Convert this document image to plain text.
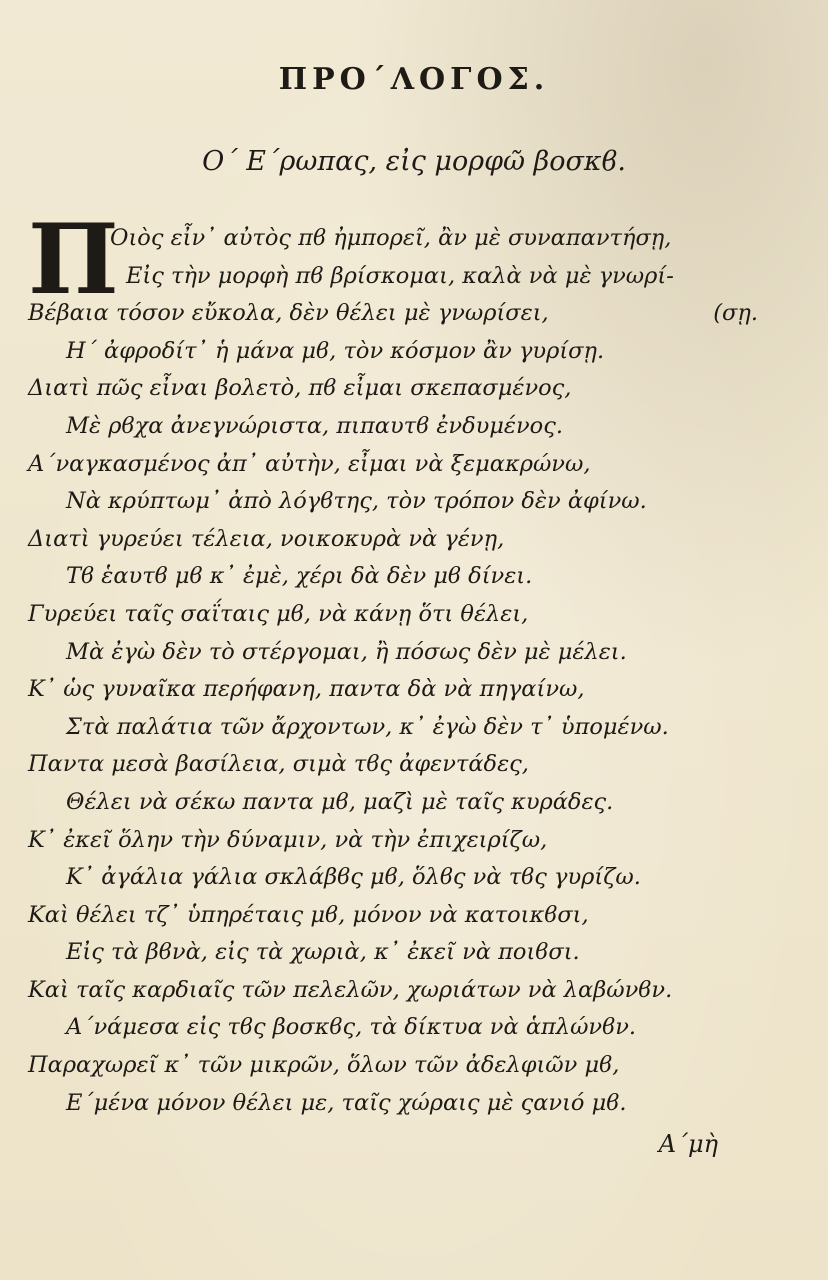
ΠΡΟ΄ΛΟΓΟΣ.
Ο΄ Ε΄ρωπας, εἰς μορφῶ βοσκϐ.
Π
Οιὸς εἶν᾽ αὐτὸς πϐ ἠμπορεῖ, ἂν μὲ συναπαντήσῃ,
Εἰς τὴν μορφὴ πϐ βρίσκομαι, καλὰ νὰ μὲ γνωρί-
Βέβαια τόσον εὔκολα, δὲν θέλει μὲ γνωρίσει,	(σῃ.
Η΄ ἀφροδίτ᾽ ἡ μάνα μϐ, τὸν κόσμον ἂν γυρίσῃ.
Διατὶ πῶς εἶναι βολετὸ, πϐ εἶμαι σκεπασμένος,
Μὲ ρϐχα ἀνεγνώριστα, πιπαυτϐ ἐνδυμένος.
Α΄ναγκασμένος ἀπ᾽ αὐτὴν, εἶμαι νὰ ξεμακρώνω,
Νὰ κρύπτωμ᾽ ἀπὸ λόγϐτης, τὸν τρόπον δὲν ἀφίνω.
Διατὶ γυρεύει τέλεια, νοικοκυρὰ νὰ γένῃ,
Τϐ ἑαυτϐ μϐ κ᾽ ἐμὲ, χέρι δὰ δὲν μϐ δίνει.
Γυρεύει ταῖς σαΐταις μϐ, νὰ κάνῃ ὅτι θέλει,
Μὰ ἐγὼ δὲν τὸ στέργομαι, ἢ πόσως δὲν μὲ μέλει.
Κ᾽ ὡς γυναῖκα περήφανη, παντα δὰ νὰ πηγαίνω,
Στὰ παλάτια τῶν ἄρχοντων, κ᾽ ἐγὼ δὲν τ᾽ ὑπομένω.
Παντα μεσὰ βασίλεια, σιμὰ τϐς ἀφεντάδες,
Θέλει νὰ σέκω παντα μϐ, μαζὶ μὲ ταῖς κυράδες.
Κ᾽ ἐκεῖ ὅλην τὴν δύναμιν, νὰ τὴν ἐπιχειρίζω,
Κ᾽ ἀγάλια γάλια σκλάβϐς μϐ, ὅλϐς νὰ τϐς γυρίζω.
Καὶ θέλει τζ᾽ ὑπηρέταις μϐ, μόνον νὰ κατοικϐσι,
Εἰς τὰ βϐνὰ, εἰς τὰ χωριὰ, κ᾽ ἐκεῖ νὰ ποιϐσι.
Καὶ ταῖς καρδιαῖς τῶν πελελῶν, χωριάτων νὰ λαβώνϐν.
Α΄νάμεσα εἰς τϐς βοσκϐς, τὰ δίκτυα νὰ ἁπλώνϐν.
Παραχωρεῖ κ᾽ τῶν μικρῶν, ὅλων τῶν ἀδελφιῶν μϐ,
Ε΄μένα μόνον θέλει με, ταῖς χώραις μὲ ςανιό μϐ.
Α΄μὴ
